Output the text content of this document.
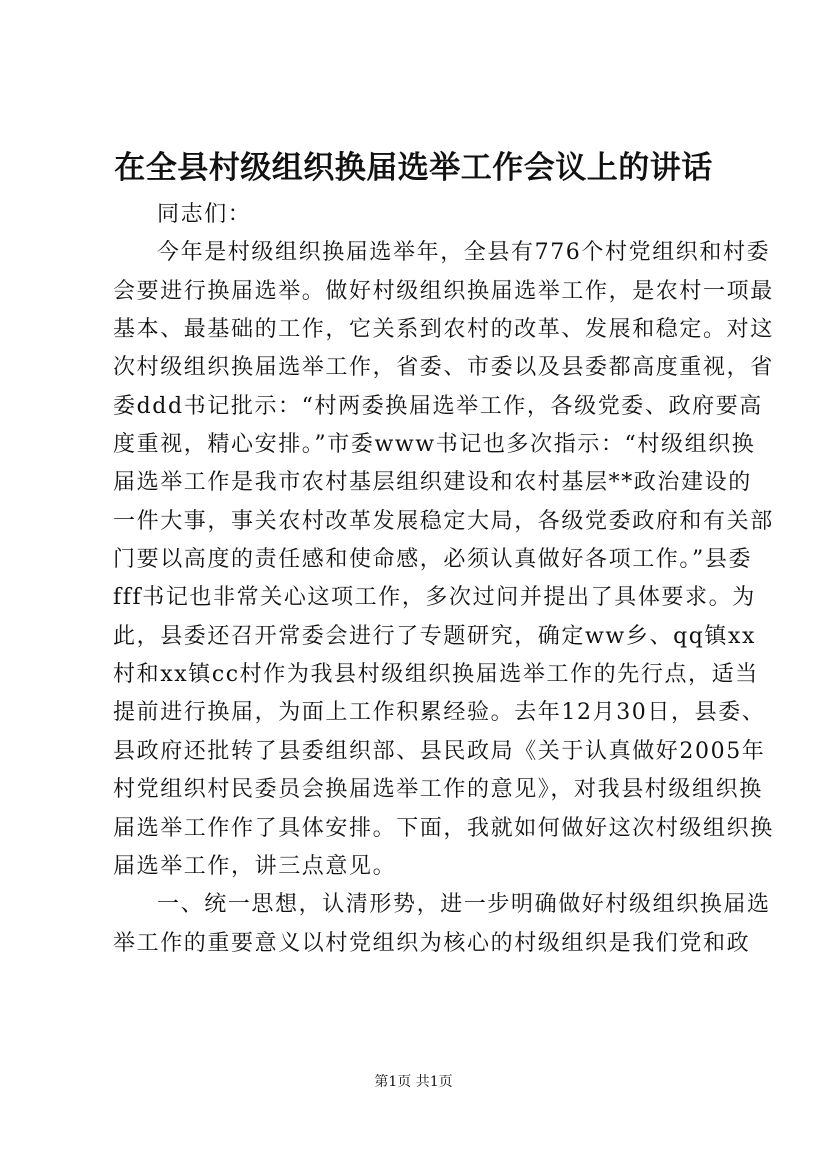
在全县村级组织换届选举工作会议上的讲话
同志们：
今年是村级组织换届选举年，全县有776个村党组织和村委
会要进行换届选举。做好村级组织换届选举工作，是农村一项最
基本、最基础的工作，它关系到农村的改革、发展和稳定。对这
次村级组织换届选举工作，省委、市委以及县委都高度重视，省
委ddd书记批示：“村两委换届选举工作，各级党委、政府要高
度重视，精心安排。”市委www书记也多次指示：“村级组织换
届选举工作是我市农村基层组织建设和农村基层**政治建设的
一件大事，事关农村改革发展稳定大局，各级党委政府和有关部
门要以高度的责任感和使命感，必须认真做好各项工作。”县委
fff书记也非常关心这项工作，多次过问并提出了具体要求。为
此，县委还召开常委会进行了专题研究，确定ww乡、qq镇xx
村和xx镇cc村作为我县村级组织换届选举工作的先行点，适当
提前进行换届，为面上工作积累经验。去年12月30日，县委、
县政府还批转了县委组织部、县民政局《关于认真做好2005年
村党组织村民委员会换届选举工作的意见》，对我县村级组织换
届选举工作作了具体安排。下面，我就如何做好这次村级组织换
届选举工作，讲三点意见。
一、统一思想，认清形势，进一步明确做好村级组织换届选
举工作的重要意义以村党组织为核心的村级组织是我们党和政
第1页 共1页
